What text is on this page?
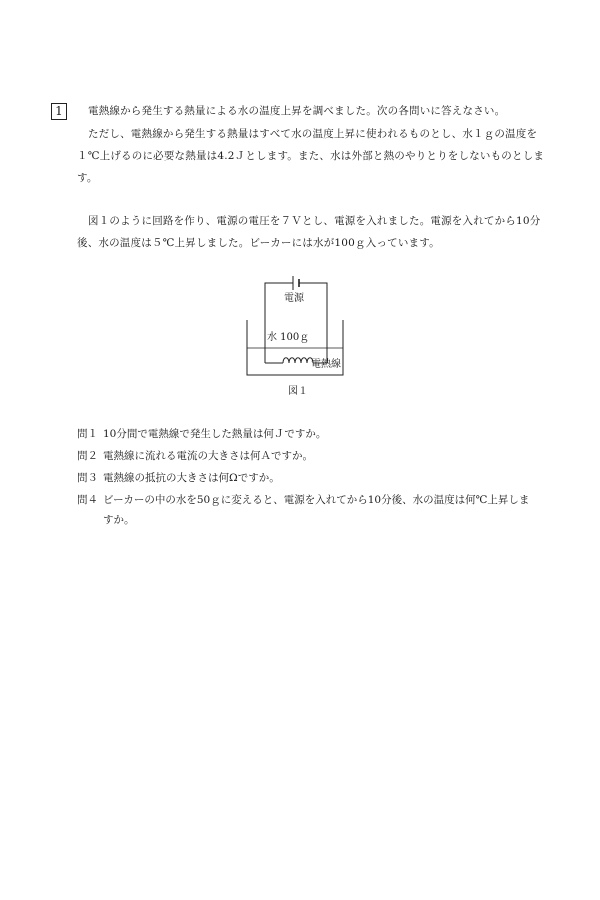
1	電熱線から発生する熱量による水の温度上昇を調べました。次の各問いに答えなさい。
ただし、電熱線から発生する熱量はすべて水の温度上昇に使われるものとし、水１ｇの温度を
１℃上げるのに必要な熱量は4.2Ｊとします。また、水は外部と熱のやりとりをしないものとしま
す。
図１のように回路を作り、電源の電圧を７Ｖとし、電源を入れました。電源を入れてから10分
後、水の温度は５℃上昇しました。ビーカーには水が100ｇ入っています。
電源
水 100ｇ
電熱線
図１
問１ 10分間で電熱線で発生した熱量は何Ｊですか。
問２ 電熱線に流れる電流の大きさは何Ａですか。
問３ 電熱線の抵抗の大きさは何Ωですか。
問４ ビーカーの中の水を50ｇに変えると、電源を入れてから10分後、水の温度は何℃上昇しま
すか。
